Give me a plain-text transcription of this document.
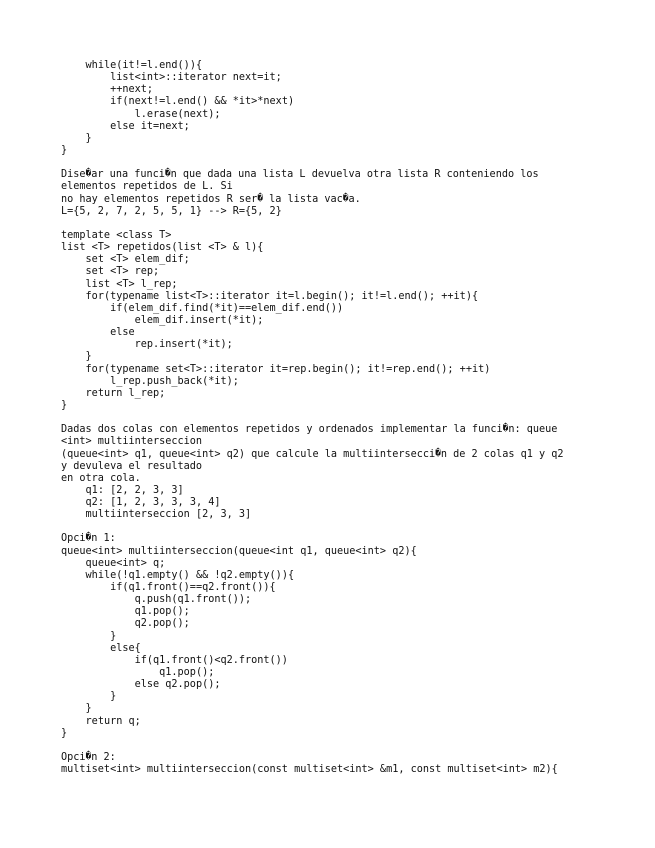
	while(it!=l.end()){
		list<int>::iterator next=it;
		++next;
		if(next!=l.end() && *it>*next)
			l.erase(next);
		else it=next;
	}
}

Dise�ar una funci�n que dada una lista L devuelva otra lista R conteniendo los
elementos repetidos de L. Si
no hay elementos repetidos R ser� la lista vac�a.
L={5, 2, 7, 2, 5, 5, 1} --> R={5, 2}

template <class T>
list <T> repetidos(list <T> & l){
	set <T> elem_dif;
	set <T> rep;
	list <T> l_rep;
	for(typename list<T>::iterator it=l.begin(); it!=l.end(); ++it){
		if(elem_dif.find(*it)==elem_dif.end())
			elem_dif.insert(*it);
		else
			rep.insert(*it);
	}
	for(typename set<T>::iterator it=rep.begin(); it!=rep.end(); ++it)
		l_rep.push_back(*it);
	return l_rep;
}

Dadas dos colas con elementos repetidos y ordenados implementar la funci�n: queue
<int> multiinterseccion
(queue<int> q1, queue<int> q2) que calcule la multiintersecci�n de 2 colas q1 y q2
y devuleva el resultado
en otra cola.
	q1: [2, 2, 3, 3]
	q2: [1, 2, 3, 3, 3, 4]
	multiinterseccion [2, 3, 3]

Opci�n 1:
queue<int> multiinterseccion(queue<int q1, queue<int> q2){
	queue<int> q;
	while(!q1.empty() && !q2.empty()){
		if(q1.front()==q2.front()){
			q.push(q1.front());
			q1.pop();
			q2.pop();
		}
		else{
			if(q1.front()<q2.front())
				q1.pop();
			else q2.pop();
		}
	}
	return q;
}

Opci�n 2:
multiset<int> multiinterseccion(const multiset<int> &m1, const multiset<int> m2){
